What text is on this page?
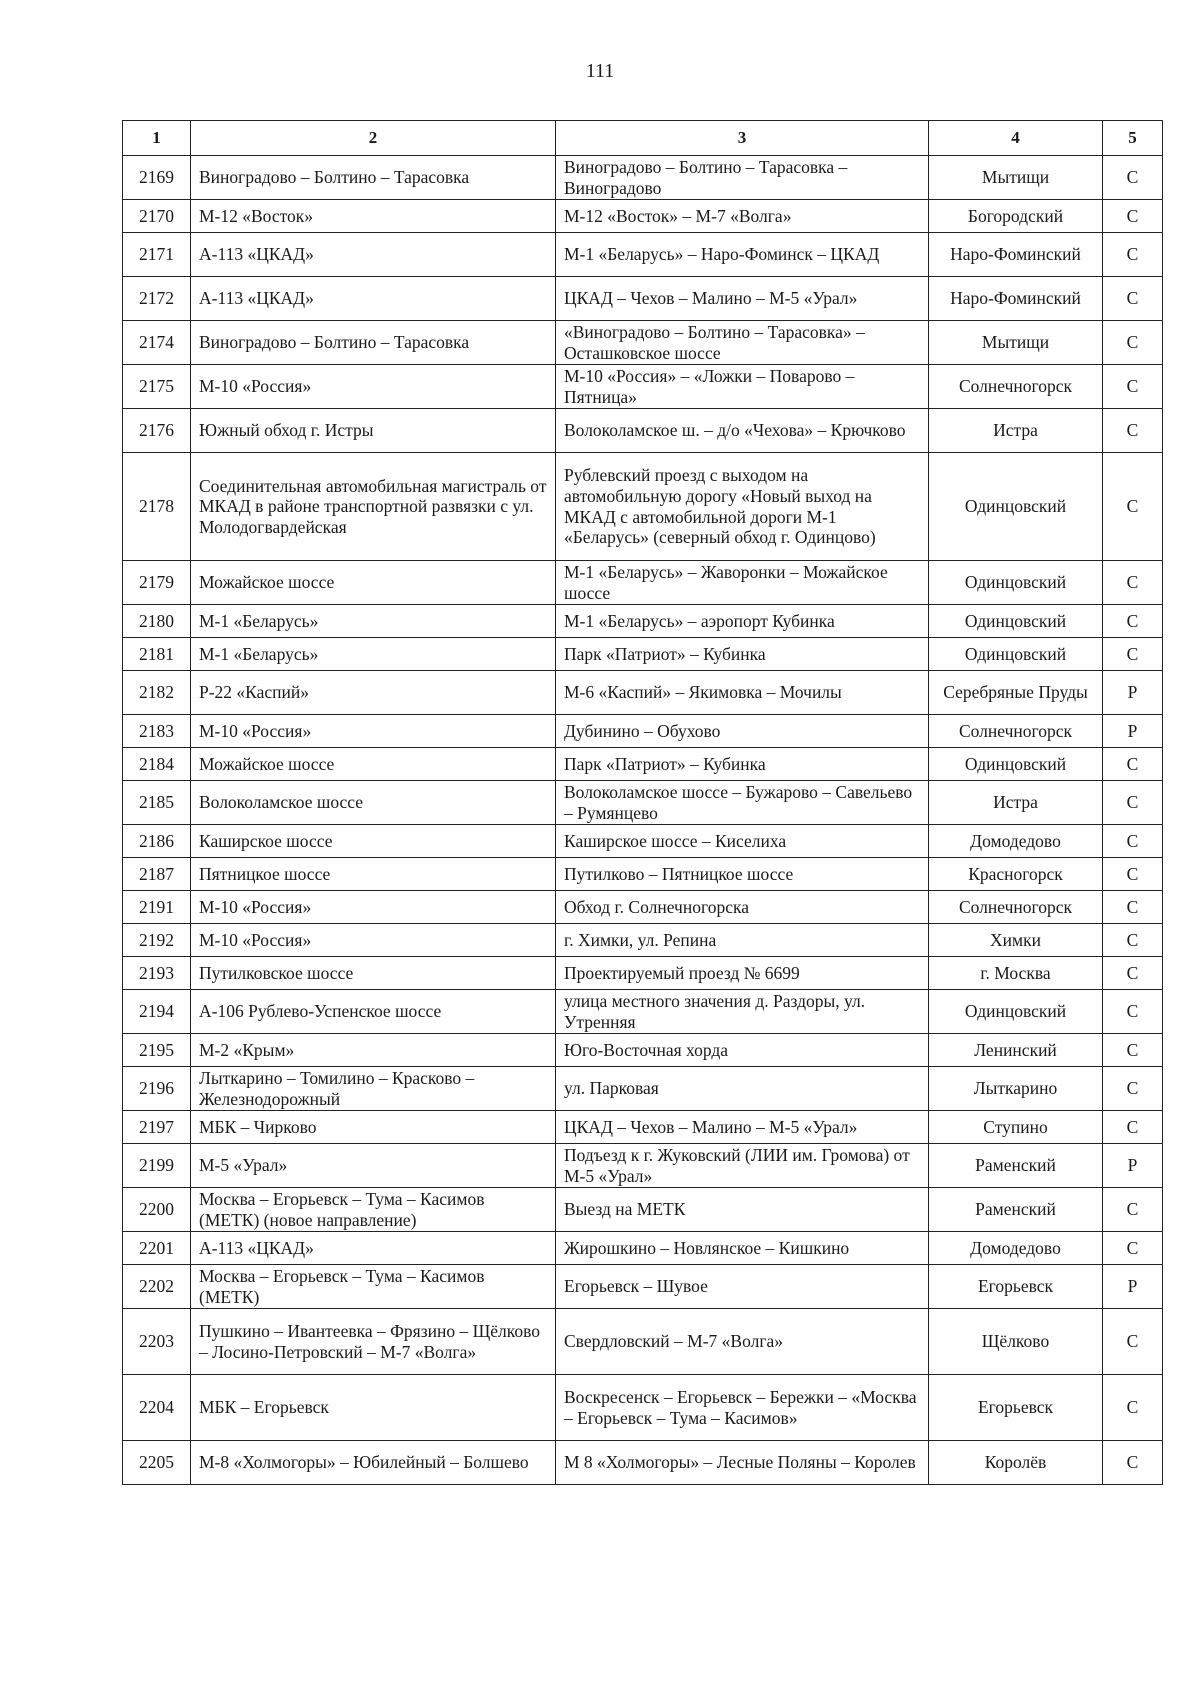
111
1	2	3	4	5
2169	Виноградово – Болтино – Тарасовка	Виноградово – Болтино – Тарасовка – Виноградово	Мытищи	С
2170	М-12 «Восток»	М-12 «Восток» – М-7 «Волга»	Богородский	С
2171	А-113 «ЦКАД»	М-1 «Беларусь» – Наро-Фоминск – ЦКАД	Наро-Фоминский	С
2172	А-113 «ЦКАД»	ЦКАД – Чехов – Малино – М-5 «Урал»	Наро-Фоминский	С
2174	Виноградово – Болтино – Тарасовка	«Виноградово – Болтино – Тарасовка» – Осташковское шоссе	Мытищи	С
2175	М-10 «Россия»	М-10 «Россия» – «Ложки – Поварово – Пятница»	Солнечногорск	С
2176	Южный обход г. Истры	Волоколамское ш. – д/о «Чехова» – Крючково	Истра	С
2178	Соединительная автомобильная магистраль от МКАД в районе транспортной развязки с ул. Молодогвардейская	Рублевский проезд с выходом на автомобильную дорогу «Новый выход на МКАД с автомобильной дороги М-1 «Беларусь» (северный обход г. Одинцово)	Одинцовский	С
2179	Можайское шоссе	М-1 «Беларусь» – Жаворонки – Можайское шоссе	Одинцовский	С
2180	М-1 «Беларусь»	М-1 «Беларусь» – аэропорт Кубинка	Одинцовский	С
2181	М-1 «Беларусь»	Парк «Патриот» – Кубинка	Одинцовский	С
2182	Р-22 «Каспий»	М-6 «Каспий» – Якимовка – Мочилы	Серебряные Пруды	Р
2183	М-10 «Россия»	Дубинино – Обухово	Солнечногорск	Р
2184	Можайское шоссе	Парк «Патриот» – Кубинка	Одинцовский	С
2185	Волоколамское шоссе	Волоколамское шоссе – Бужарово – Савельево – Румянцево	Истра	С
2186	Каширское шоссе	Каширское шоссе – Киселиха	Домодедово	С
2187	Пятницкое шоссе	Путилково – Пятницкое шоссе	Красногорск	С
2191	М-10 «Россия»	Обход г. Солнечногорска	Солнечногорск	С
2192	М-10 «Россия»	г. Химки, ул. Репина	Химки	С
2193	Путилковское шоссе	Проектируемый проезд № 6699	г. Москва	С
2194	А-106 Рублево-Успенское шоссе	улица местного значения д. Раздоры, ул. Утренняя	Одинцовский	С
2195	М-2 «Крым»	Юго-Восточная хорда	Ленинский	С
2196	Лыткарино – Томилино – Красково – Железнодорожный	ул. Парковая	Лыткарино	С
2197	МБК – Чирково	ЦКАД – Чехов – Малино – М-5 «Урал»	Ступино	С
2199	М-5 «Урал»	Подъезд к г. Жуковский (ЛИИ им. Громова) от М-5 «Урал»	Раменский	Р
2200	Москва – Егорьевск – Тума – Касимов (МЕТК) (новое направление)	Выезд на МЕТК	Раменский	С
2201	А-113 «ЦКАД»	Жирошкино – Новлянское – Кишкино	Домодедово	С
2202	Москва – Егорьевск – Тума – Касимов (МЕТК)	Егорьевск – Шувое	Егорьевск	Р
2203	Пушкино – Ивантеевка – Фрязино – Щёлково – Лосино-Петровский – М-7 «Волга»	Свердловский – М-7 «Волга»	Щёлково	С
2204	МБК – Егорьевск	Воскресенск – Егорьевск – Бережки – «Москва – Егорьевск – Тума – Касимов»	Егорьевск	С
2205	М-8 «Холмогоры» – Юбилейный – Болшево	М 8 «Холмогоры» – Лесные Поляны – Королев	Королёв	С
